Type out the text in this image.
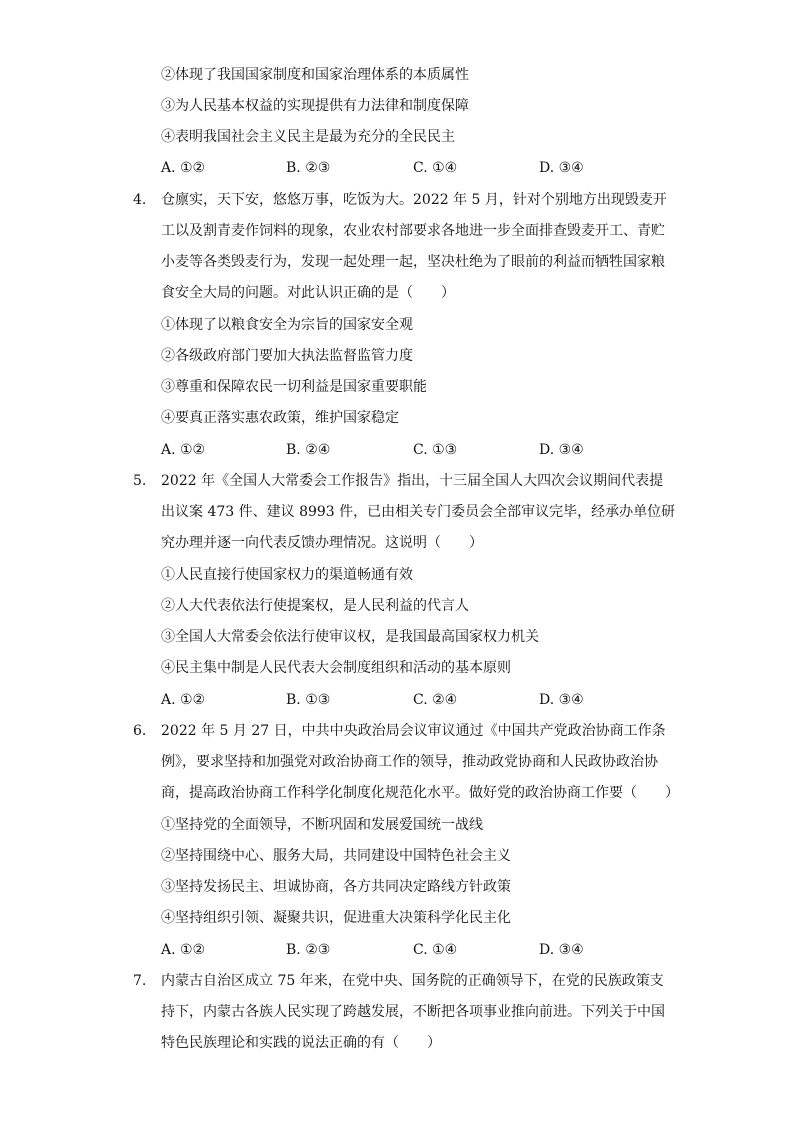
②体现了我国国家制度和国家治理体系的本质属性
③为人民基本权益的实现提供有力法律和制度保障
④表明我国社会主义民主是最为充分的全民民主
A. ①②	B. ②③	C. ①④	D. ③④
4. 仓廪实，天下安，悠悠万事，吃饭为大。2022 年 5 月，针对个别地方出现毁麦开
工以及割青麦作饲料的现象，农业农村部要求各地进一步全面排查毁麦开工、青贮
小麦等各类毁麦行为，发现一起处理一起，坚决杜绝为了眼前的利益而牺牲国家粮
食安全大局的问题。对此认识正确的是（　　）
①体现了以粮食安全为宗旨的国家安全观
②各级政府部门要加大执法监督监管力度
③尊重和保障农民一切利益是国家重要职能
④要真正落实惠农政策，维护国家稳定
A. ①②	B. ②④	C. ①③	D. ③④
5. 2022 年《全国人大常委会工作报告》指出，十三届全国人大四次会议期间代表提
出议案 473 件、建议 8993 件，已由相关专门委员会全部审议完毕，经承办单位研
究办理并逐一向代表反馈办理情况。这说明（　　）
①人民直接行使国家权力的渠道畅通有效
②人大代表依法行使提案权，是人民利益的代言人
③全国人大常委会依法行使审议权，是我国最高国家权力机关
④民主集中制是人民代表大会制度组织和活动的基本原则
A. ①②	B. ①③	C. ②④	D. ③④
6. 2022 年 5 月 27 日，中共中央政治局会议审议通过《中国共产党政治协商工作条
例》，要求坚持和加强党对政治协商工作的领导，推动政党协商和人民政协政治协
商，提高政治协商工作科学化制度化规范化水平。做好党的政治协商工作要（　　）
①坚持党的全面领导，不断巩固和发展爱国统一战线
②坚持围绕中心、服务大局，共同建设中国特色社会主义
③坚持发扬民主、坦诚协商，各方共同决定路线方针政策
④坚持组织引领、凝聚共识，促进重大决策科学化民主化
A. ①②	B. ②③	C. ①④	D. ③④
7. 内蒙古自治区成立 75 年来，在党中央、国务院的正确领导下，在党的民族政策支
持下，内蒙古各族人民实现了跨越发展，不断把各项事业推向前进。下列关于中国
特色民族理论和实践的说法正确的有（　　）
